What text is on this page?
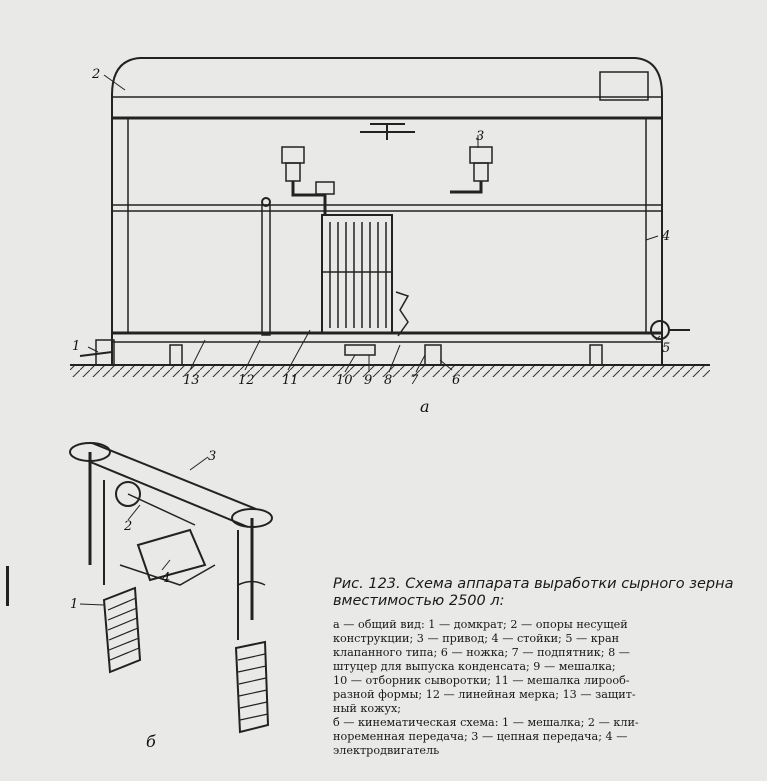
2
3
4
5
1
13	12 11	10 9 8 7	6
а
3
2
4
1
б
Рис. 123. Схема аппарата выработки сырного зерна вместимостью 2500 л:
а — общий вид: 1 — домкрат; 2 — опоры несущей
конструкции; 3 — привод; 4 — стойки; 5 — кран
клапанного типа; 6 — ножка; 7 — подпятник; 8 —
штуцер для выпуска конденсата; 9 — мешалка;
10 — отборник сыворотки; 11 — мешалка лирооб-
разной формы; 12 — линейная мерка; 13 — защит-
ный кожух;
б — кинематическая схема: 1 — мешалка; 2 — кли-
ноременная передача; 3 — цепная передача; 4 —
электродвигатель
